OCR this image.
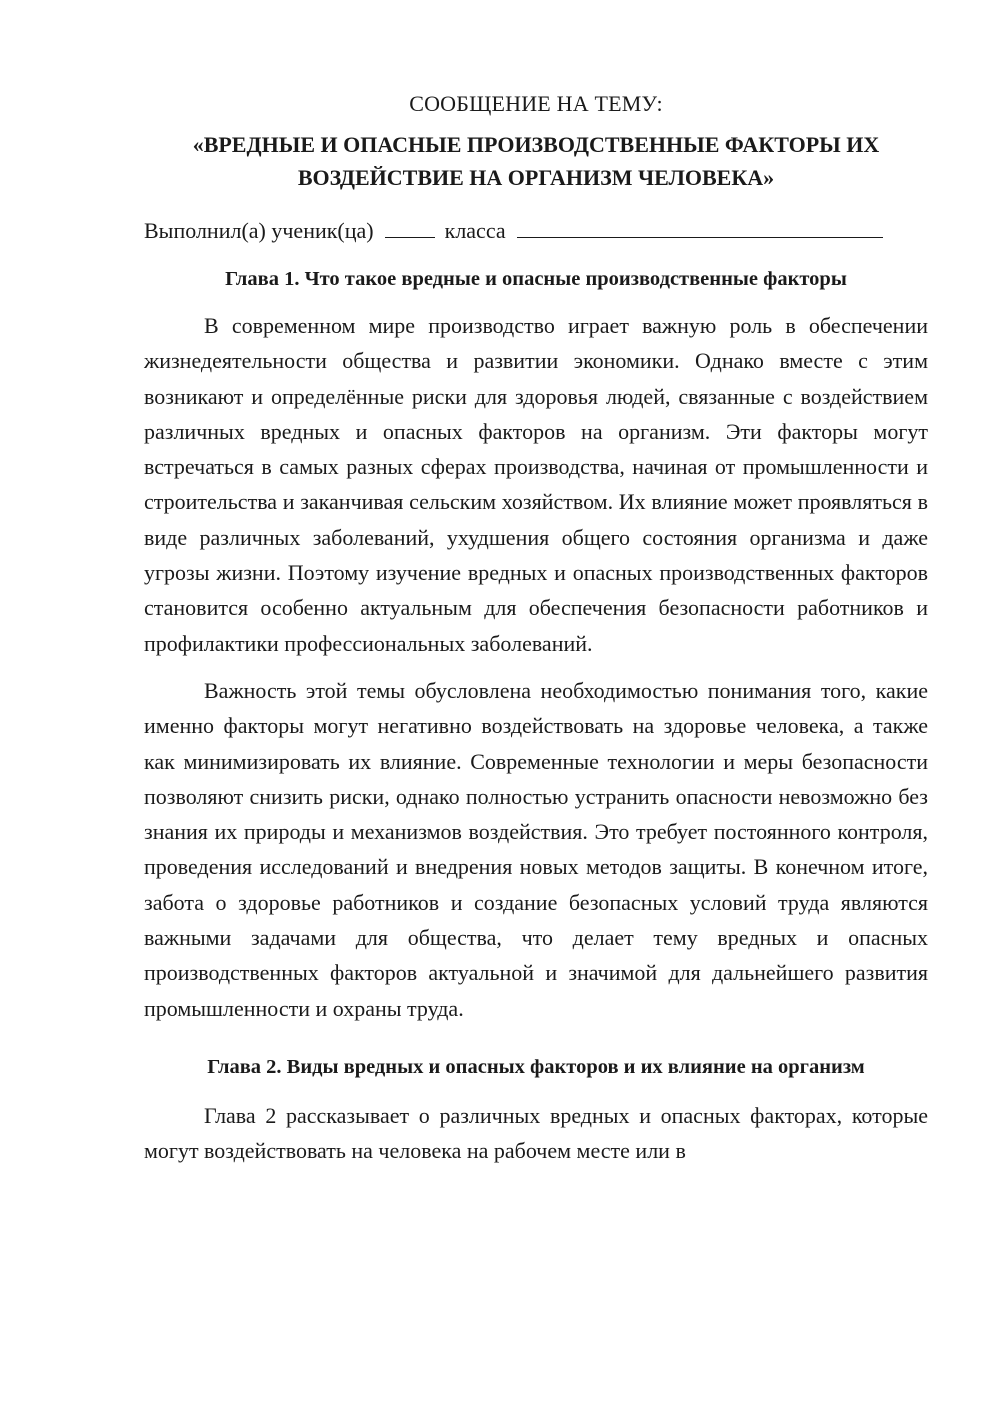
СООБЩЕНИЕ НА ТЕМУ:
«ВРЕДНЫЕ И ОПАСНЫЕ ПРОИЗВОДСТВЕННЫЕ ФАКТОРЫ ИХ ВОЗДЕЙСТВИЕ НА ОРГАНИЗМ ЧЕЛОВЕКА»
Выполнил(а) ученик(ца)	класса
Глава 1. Что такое вредные и опасные производственные факторы

В современном мире производство играет важную роль в обеспечении жизнедеятельности общества и развитии экономики. Однако вместе с этим возникают и определённые риски для здоровья людей, связанные с воздействием различных вредных и опасных факторов на организм. Эти факторы могут встречаться в самых разных сферах производства, начиная от промышленности и строительства и заканчивая сельским хозяйством. Их влияние может проявляться в виде различных заболеваний, ухудшения общего состояния организма и даже угрозы жизни. Поэтому изучение вредных и опасных производственных факторов становится особенно актуальным для обеспечения безопасности работников и профилактики профессиональных заболеваний.

Важность этой темы обусловлена необходимостью понимания того, какие именно факторы могут негативно воздействовать на здоровье человека, а также как минимизировать их влияние. Современные технологии и меры безопасности позволяют снизить риски, однако полностью устранить опасности невозможно без знания их природы и механизмов воздействия. Это требует постоянного контроля, проведения исследований и внедрения новых методов защиты. В конечном итоге, забота о здоровье работников и создание безопасных условий труда являются важными задачами для общества, что делает тему вредных и опасных производственных факторов актуальной и значимой для дальнейшего развития промышленности и охраны труда.

Глава 2. Виды вредных и опасных факторов и их влияние на организм

Глава 2 рассказывает о различных вредных и опасных факторах, которые могут воздействовать на человека на рабочем месте или в
